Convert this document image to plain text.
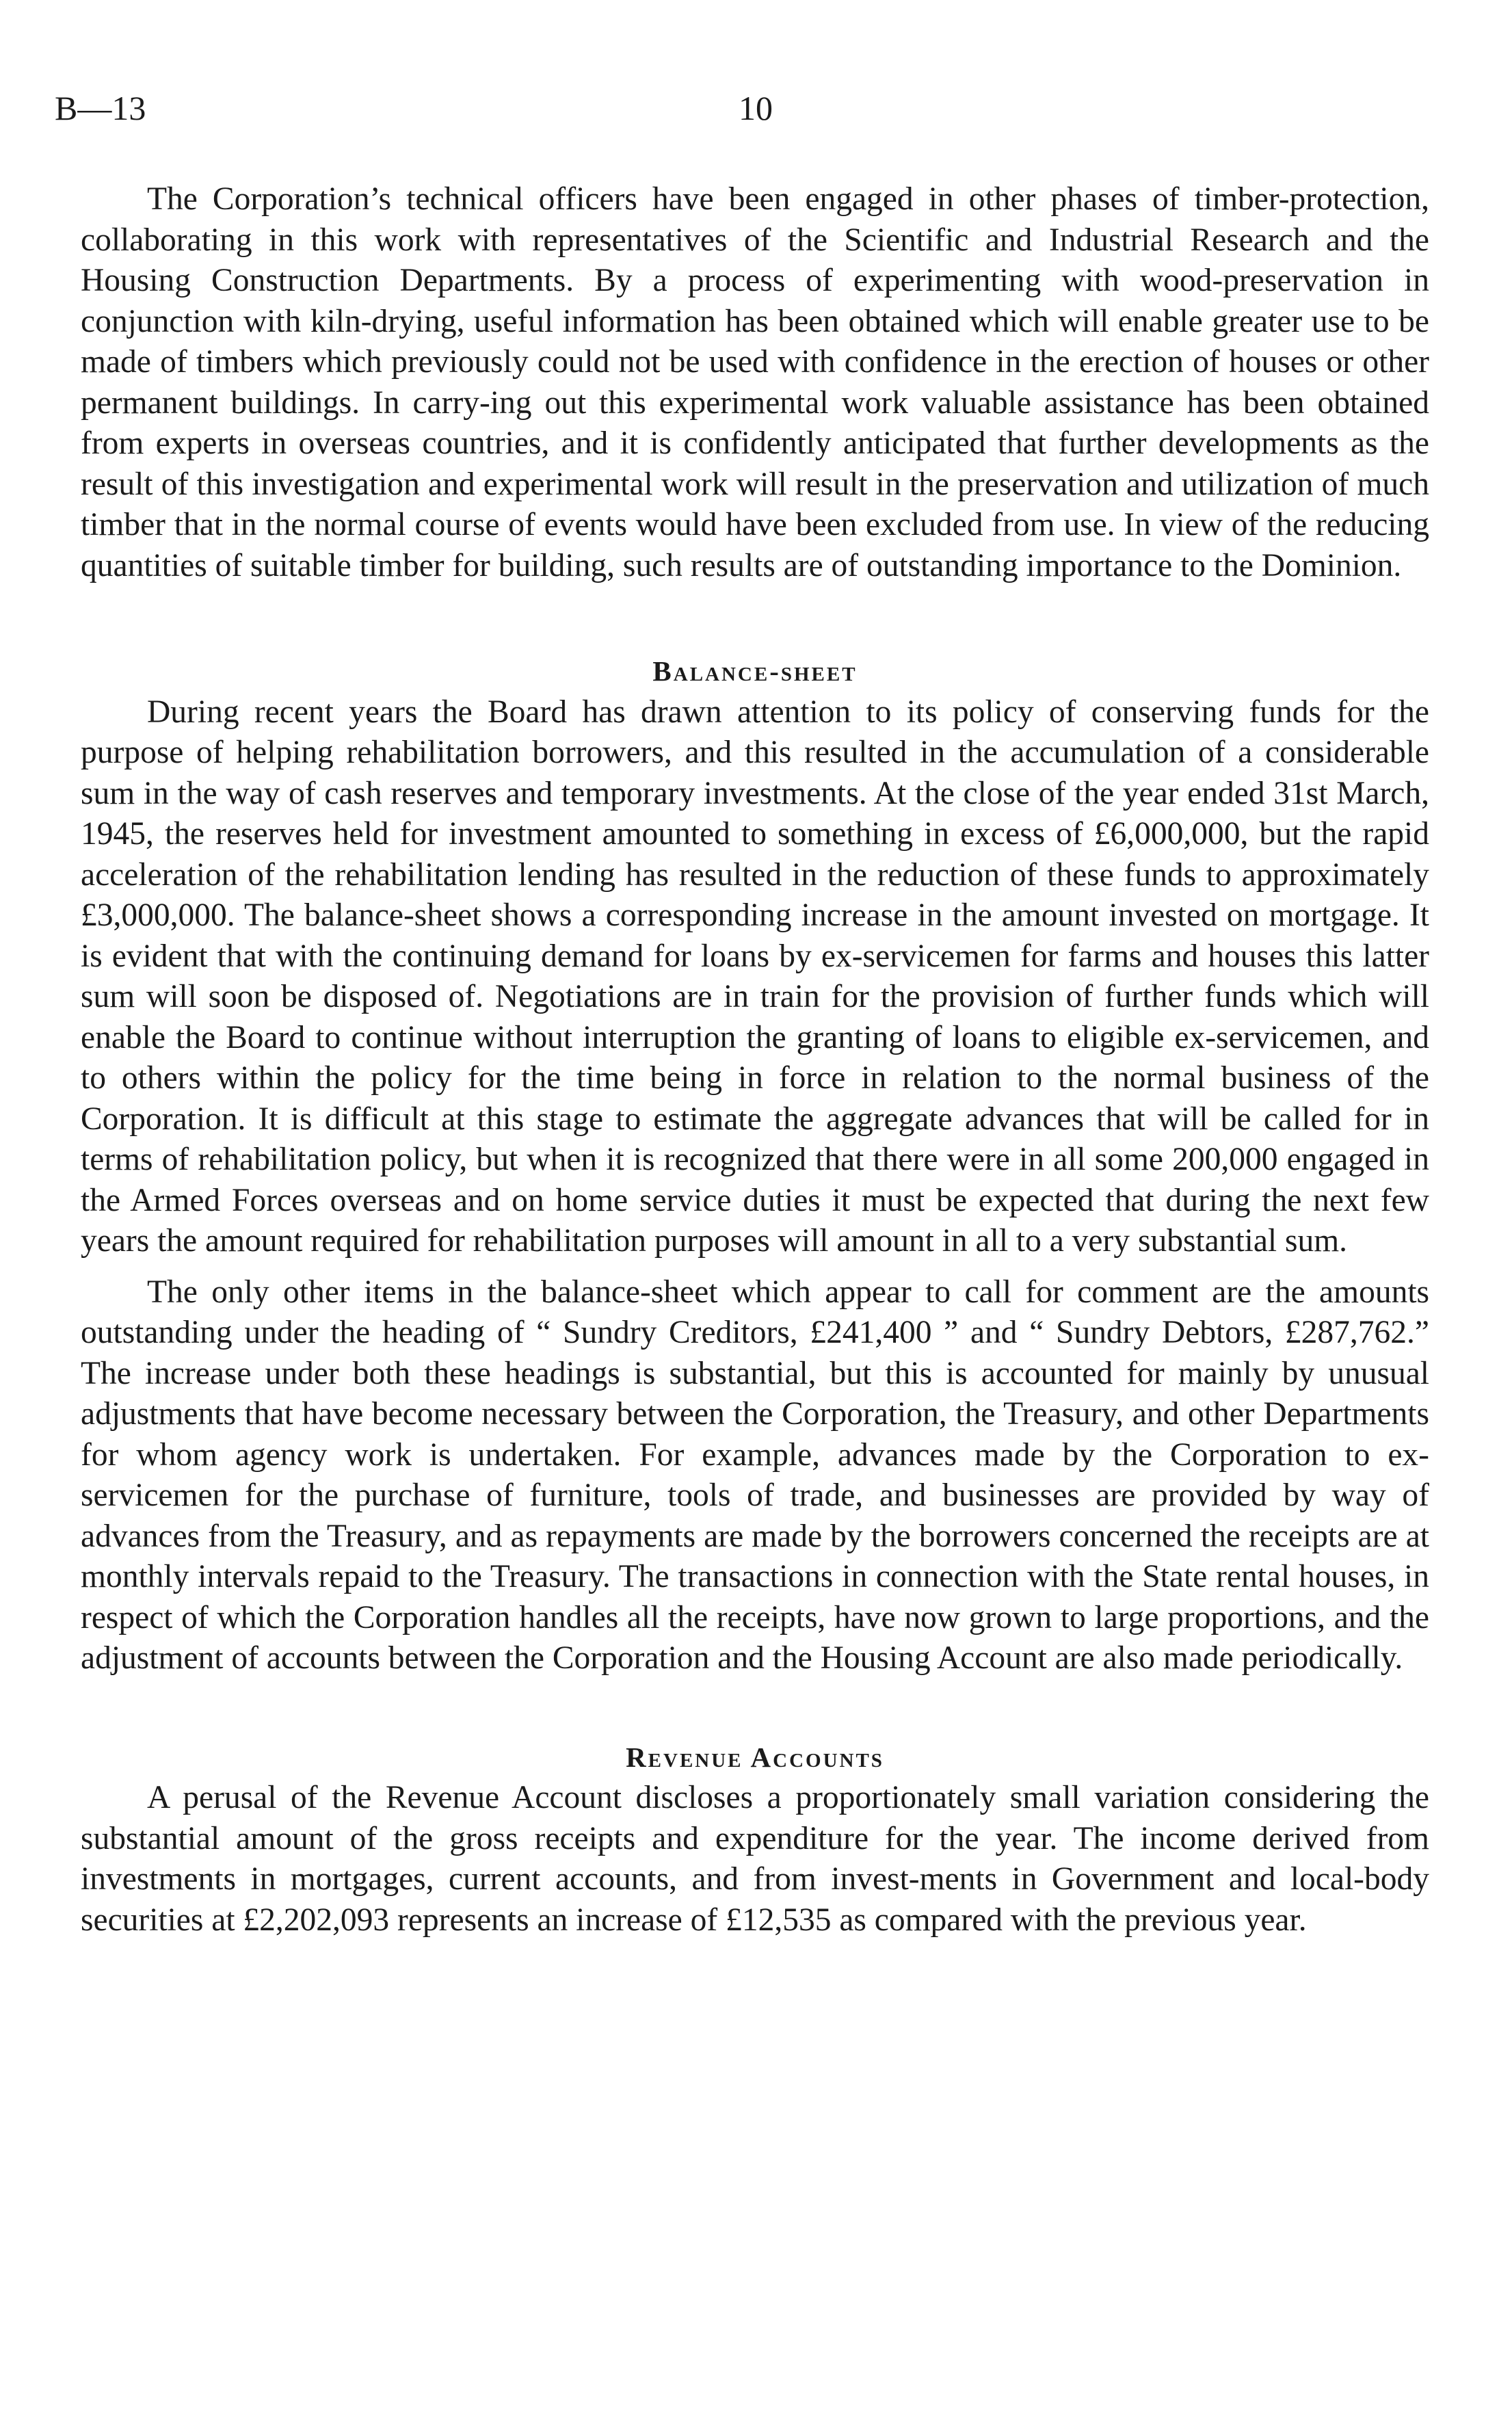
B—13	10

The Corporation’s technical officers have been engaged in other phases of timber-protection, collaborating in this work with representatives of the Scientific and Industrial Research and the Housing Construction Departments. By a process of experimenting with wood-preservation in conjunction with kiln-drying, useful information has been obtained which will enable greater use to be made of timbers which previously could not be used with confidence in the erection of houses or other permanent buildings. In carry-ing out this experimental work valuable assistance has been obtained from experts in overseas countries, and it is confidently anticipated that further developments as the result of this investigation and experimental work will result in the preservation and utilization of much timber that in the normal course of events would have been excluded from use. In view of the reducing quantities of suitable timber for building, such results are of outstanding importance to the Dominion.

Balance-sheet

During recent years the Board has drawn attention to its policy of conserving funds for the purpose of helping rehabilitation borrowers, and this resulted in the accumulation of a considerable sum in the way of cash reserves and temporary investments. At the close of the year ended 31st March, 1945, the reserves held for investment amounted to something in excess of £6,000,000, but the rapid acceleration of the rehabilitation lending has resulted in the reduction of these funds to approximately £3,000,000. The balance-sheet shows a corresponding increase in the amount invested on mortgage. It is evident that with the continuing demand for loans by ex-servicemen for farms and houses this latter sum will soon be disposed of. Negotiations are in train for the provision of further funds which will enable the Board to continue without interruption the granting of loans to eligible ex-servicemen, and to others within the policy for the time being in force in relation to the normal business of the Corporation. It is difficult at this stage to estimate the aggregate advances that will be called for in terms of rehabilitation policy, but when it is recognized that there were in all some 200,000 engaged in the Armed Forces overseas and on home service duties it must be expected that during the next few years the amount required for rehabilitation purposes will amount in all to a very substantial sum.

The only other items in the balance-sheet which appear to call for comment are the amounts outstanding under the heading of “ Sundry Creditors, £241,400 ” and “ Sundry Debtors, £287,762.” The increase under both these headings is substantial, but this is accounted for mainly by unusual adjustments that have become necessary between the Corporation, the Treasury, and other Departments for whom agency work is undertaken. For example, advances made by the Corporation to ex-servicemen for the purchase of furniture, tools of trade, and businesses are provided by way of advances from the Treasury, and as repayments are made by the borrowers concerned the receipts are at monthly intervals repaid to the Treasury. The transactions in connection with the State rental houses, in respect of which the Corporation handles all the receipts, have now grown to large proportions, and the adjustment of accounts between the Corporation and the Housing Account are also made periodically.

Revenue Accounts

A perusal of the Revenue Account discloses a proportionately small variation considering the substantial amount of the gross receipts and expenditure for the year. The income derived from investments in mortgages, current accounts, and from invest-ments in Government and local-body securities at £2,202,093 represents an increase of £12,535 as compared with the previous year.
